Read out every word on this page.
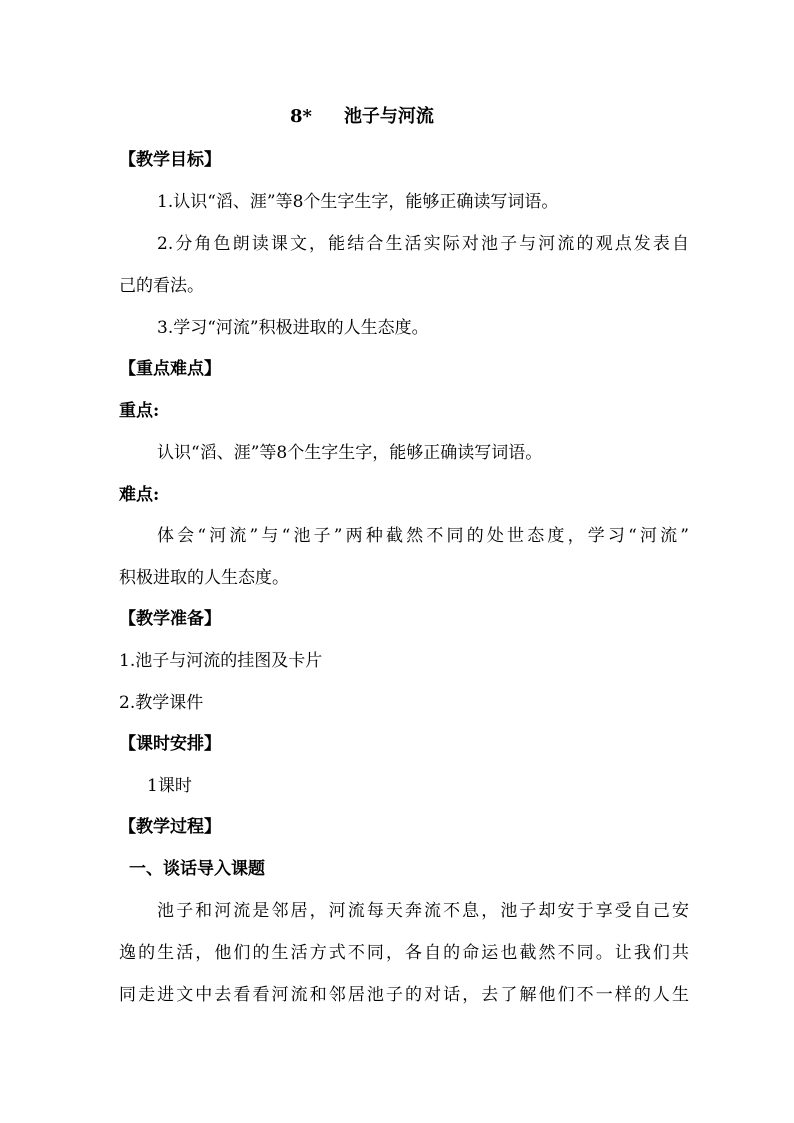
8* 池子与河流
【教学目标】
1.认识“滔、涯”等8个生字生字，能够正确读写词语。
2.分角色朗读课文，能结合生活实际对池子与河流的观点发表自
己的看法。
3.学习“河流”积极进取的人生态度。
【重点难点】
重点:
认识“滔、涯”等8个生字生字，能够正确读写词语。
难点:
体会“河流”与“池子”两种截然不同的处世态度，学习“河流”
积极进取的人生态度。
【教学准备】
1.池子与河流的挂图及卡片
2.教学课件
【课时安排】
1课时
【教学过程】
一、谈话导入课题
池子和河流是邻居，河流每天奔流不息，池子却安于享受自己安
逸的生活，他们的生活方式不同，各自的命运也截然不同。让我们共
同走进文中去看看河流和邻居池子的对话，去了解他们不一样的人生
